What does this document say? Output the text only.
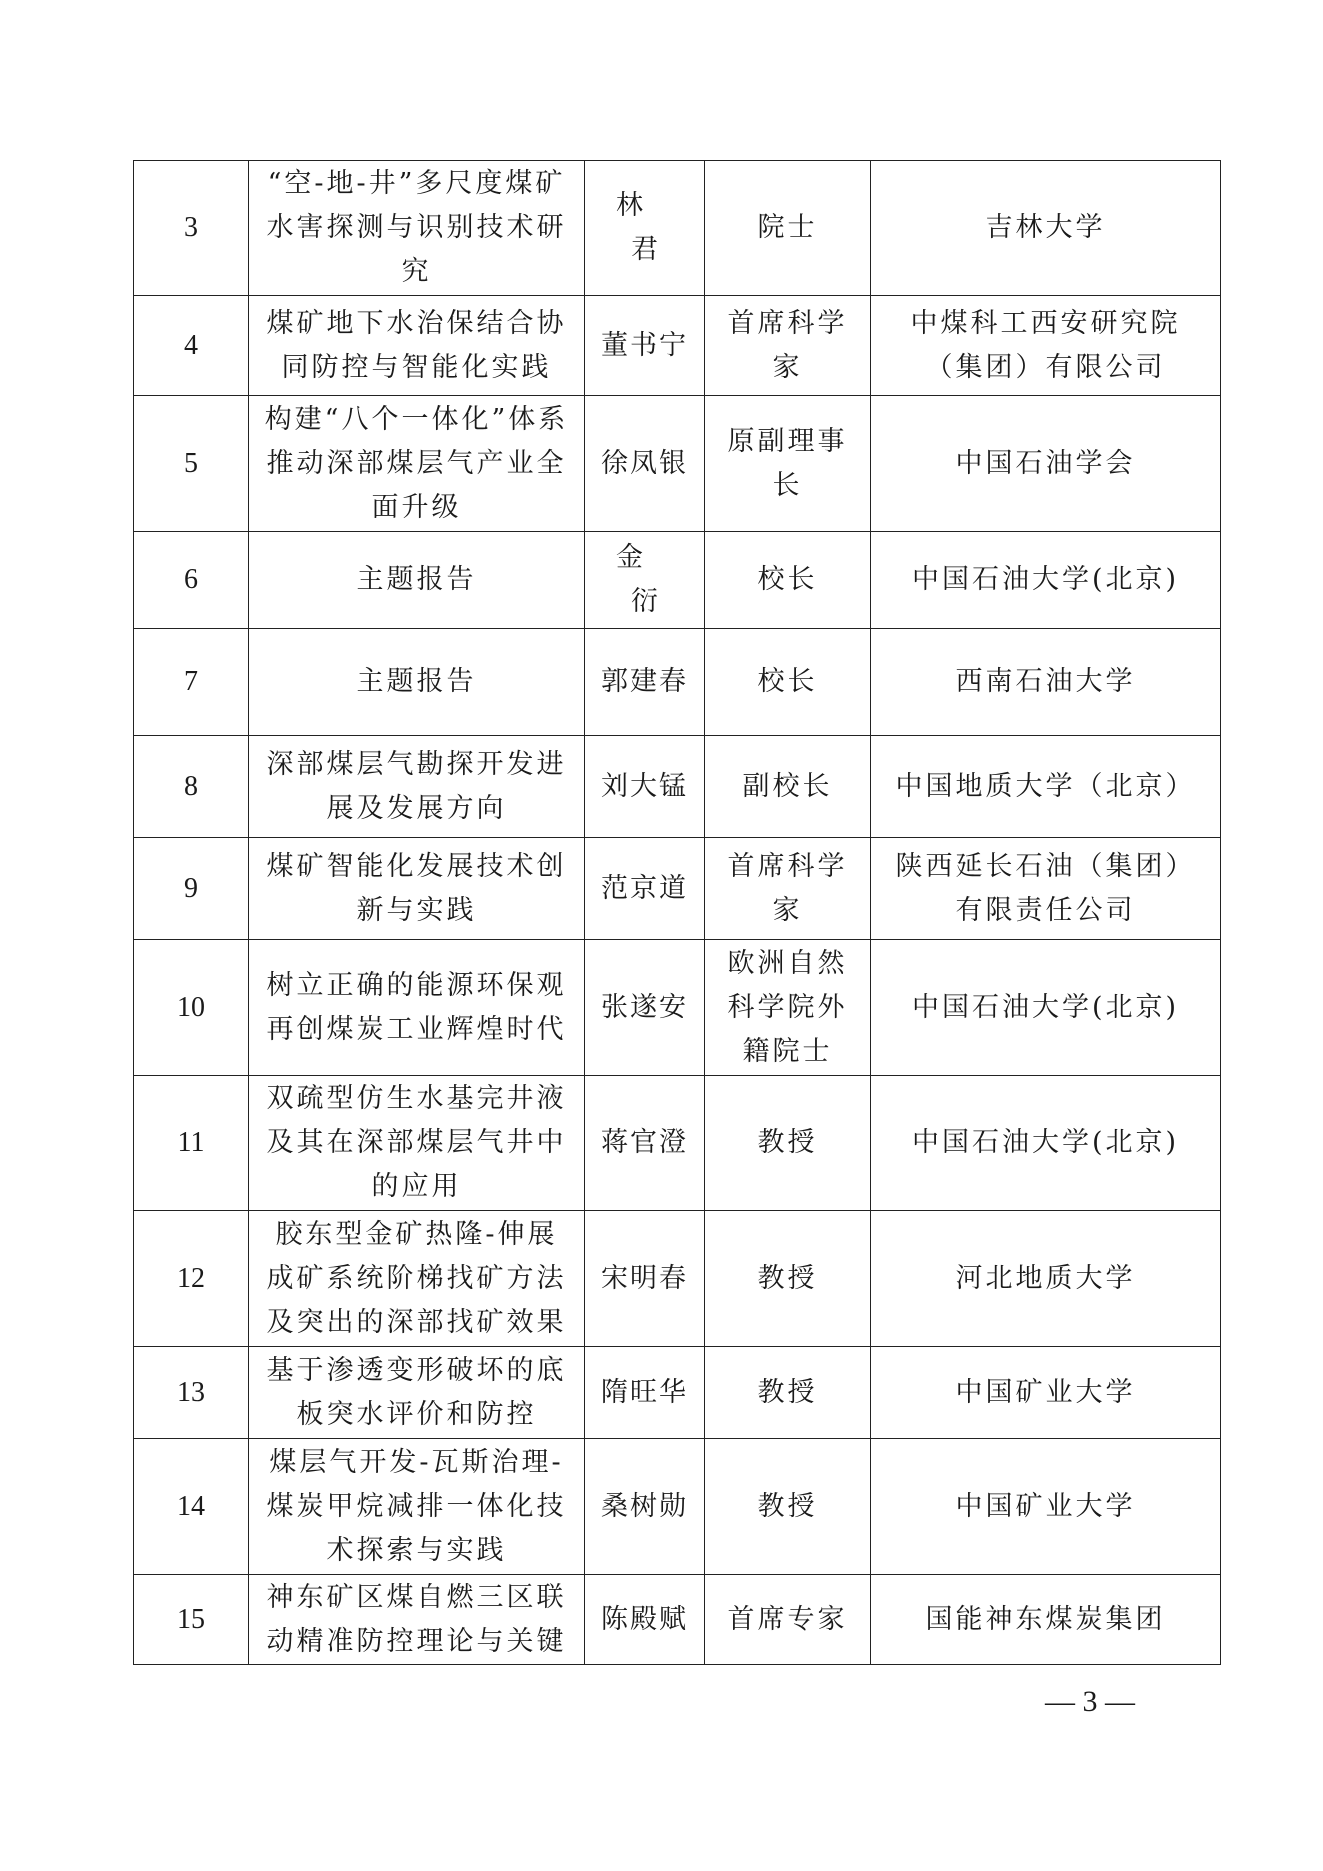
3	“空-地-井”多尺度煤矿水害探测与识别技术研究	林 君	院士	吉林大学
4	煤矿地下水治保结合协同防控与智能化实践	董书宁	首席科学家	中煤科工西安研究院（集团）有限公司
5	构建“八个一体化”体系推动深部煤层气产业全面升级	徐凤银	原副理事长	中国石油学会
6	主题报告	金 衍	校长	中国石油大学(北京)
7	主题报告	郭建春	校长	西南石油大学
8	深部煤层气勘探开发进展及发展方向	刘大锰	副校长	中国地质大学（北京）
9	煤矿智能化发展技术创新与实践	范京道	首席科学家	陕西延长石油（集团）有限责任公司
10	树立正确的能源环保观再创煤炭工业辉煌时代	张遂安	欧洲自然科学院外籍院士	中国石油大学(北京)
11	双疏型仿生水基完井液及其在深部煤层气井中的应用	蒋官澄	教授	中国石油大学(北京)
12	胶东型金矿热隆-伸展成矿系统阶梯找矿方法及突出的深部找矿效果	宋明春	教授	河北地质大学
13	基于渗透变形破坏的底板突水评价和防控	隋旺华	教授	中国矿业大学
14	煤层气开发-瓦斯治理-煤炭甲烷减排一体化技术探索与实践	桑树勋	教授	中国矿业大学
15	神东矿区煤自燃三区联动精准防控理论与关键	陈殿赋	首席专家	国能神东煤炭集团
— 3 —
